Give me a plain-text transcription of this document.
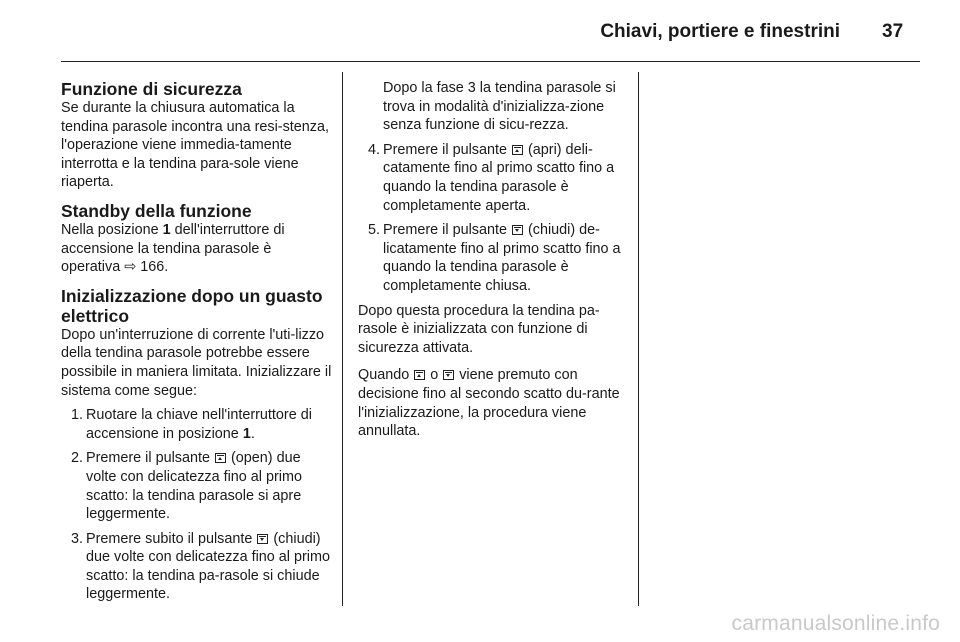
Chiavi, portiere e finestrini 37

Funzione di sicurezza

Se durante la chiusura automatica la tendina parasole incontra una resi-stenza, l'operazione viene immedia-tamente interrotta e la tendina para-sole viene riaperta.

Standby della funzione

Nella posizione 1 dell'interruttore di accensione la tendina parasole è operativa ⇨ 166.

Inizializzazione dopo un guasto elettrico

Dopo un'interruzione di corrente l'uti-lizzo della tendina parasole potrebbe essere possibile in maniera limitata. Inizializzare il sistema come segue:

1. Ruotare la chiave nell'interruttore di accensione in posizione 1.
2. Premere il pulsante  (open) due volte con delicatezza fino al primo scatto: la tendina parasole si apre leggermente.
3. Premere subito il pulsante  (chiudi) due volte con delicatezza fino al primo scatto: la tendina pa-rasole si chiude leggermente.

Dopo la fase 3 la tendina parasole si trova in modalità d'inizializza-zione senza funzione di sicu-rezza.

4. Premere il pulsante  (apri) deli-catamente fino al primo scatto fino a quando la tendina parasole è completamente aperta.
5. Premere il pulsante  (chiudi) de-licatamente fino al primo scatto fino a quando la tendina parasole è completamente chiusa.

Dopo questa procedura la tendina pa-rasole è inizializzata con funzione di sicurezza attivata.

Quando  o  viene premuto con decisione fino al secondo scatto du-rante l'inizializzazione, la procedura viene annullata.

carmanualsonline.info
